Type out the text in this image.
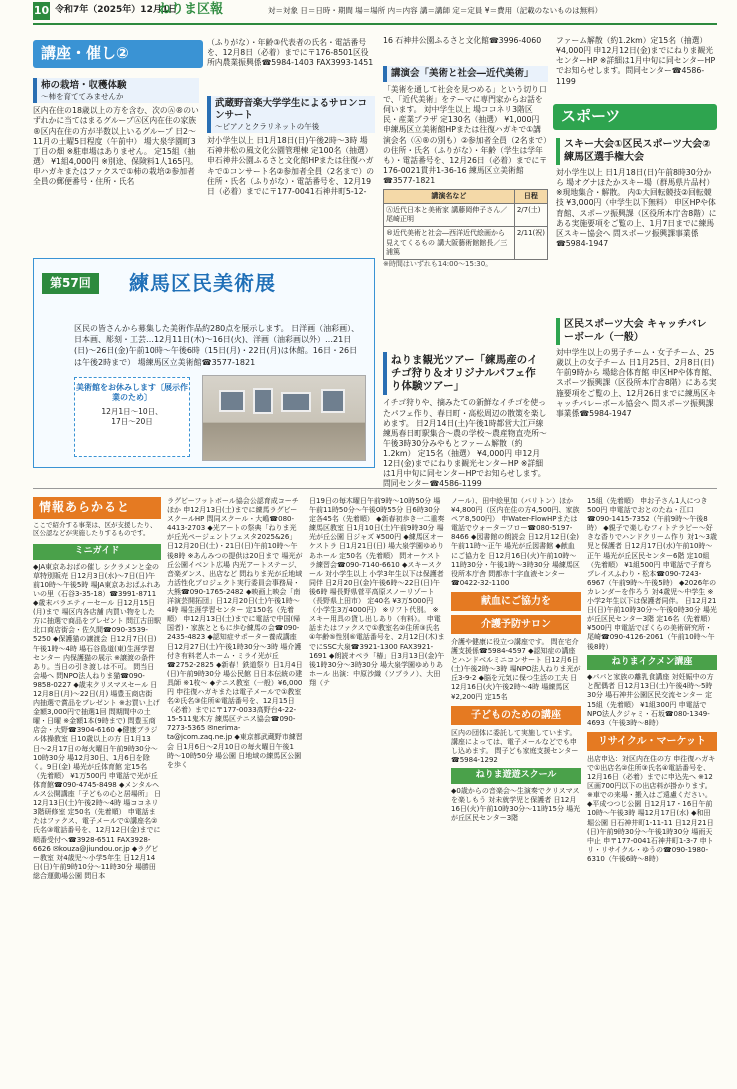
10 令和7年（2025年）12月1日
ねりま区報	対＝対象 日＝日時・期間 場＝場所 内＝内容 講＝講師 定＝定員 ¥＝費用（記載のないものは無料）
講座・催し②
柿の栽培・収穫体験
〜柿を育ててみませんか
区内在住の18歳以上の方を含む、次のⒶ®のいずれかに当てはまるグループⒶ区内在住の家族®区内在住の方が半数以上いるグループ 日2〜11月の土曜5日程度（午前中） 場大泉学園町3丁目の畑 ※駐車場はありません。 定15組（抽選） ¥1組4,000円 ※別途、保険料1人165円。 申ハガキまたはファクスで①柿の栽培②参加者全員の郵便番号・住所・氏名
（ふりがな）・年齢③代表者の氏名・電話番号を、12月8日（必着）までに〒176-8501区役所内農業振興係☎5984-1403 FAX3993-1451
武蔵野音楽大学学生によるサロンコンサート
〜ピアノとクラリネットの午後
対小学生以上 日1月18日(日)午後2時〜3時 場石神井松の風文化公園管理棟 定100名（抽選） 申石神井公園ふるさと文化館HPまたは往復ハガキで①コンサート名②参加者全員（2名まで）の住所・氏名（ふりがな）・電話番号を、12月19日（必着）までに〒177-0041石神井町5-12-
16 石神井公園ふるさと文化館☎3996-4060
講演会「美術と社会―近代美術」
「美術を通して社会を見つめる」という切り口で、「近代美術」をテーマに専門家からお話を伺います。 対中学生以上 場ココネリ3階区民・産業プラザ 定130名（抽選） ¥1,000円 申練馬区立美術館HPまたは往復ハガキで①講演会名（Ⓐ®の別も）②参加者全員（2名まで）の住所・氏名（ふりがな）・年齢（学生は学年も）・電話番号を、12月26日（必着）までに〒176-0021貫井1-36-16 練馬区立美術館☎3577-1821
講演名など	日程
Ⓐ近代日本と美術家 講藤岡伸子さん／尾崎正明	2/7(土)
®近代美術と社会―西洋近代絵画から見えてくるもの 講大阪藝術館館長／三浦篤	2/11(祝)
※時間はいずれも14:00〜15:30。
ねりま観光ツアー「練馬産のイチゴ狩り＆オリジナルパフェ作り体験ツアー」
イチゴ狩りや、摘みたての新鮮なイチゴを使ったパフェ作り、春日町・高松周辺の散策を楽しめます。 日2月14日(土)午後1時都営大江戸線練馬春日町駅集合〜農の学校〜農産物直売所〜午後3時30分みやもとファーム解散（約1.2km） 定15名（抽選） ¥4,000円 申12月12日(金)までにねりま観光センターHP ※詳細は1月中旬に同センターHPでお知らせします。 問同センター☎4586-1199
ファーム解散（約1.2km）定15名（抽選）¥4,000円 申12月12日(金)までにねりま観光センターHP ※詳細は1月中旬に同センターHPでお知らせします。問同センター☎4586-1199
スポーツ
スキー大会①区民スポーツ大会②練馬区選手権大会
対小学生以上 日1月18日(日)午前8時30分から 場オグナほたかスキー場（群馬県片品村） ※現地集合・解散。 内①大回転競技②回転競技 ¥3,000円（中学生以下無料） 申区HPや体育館、スポーツ振興課（区役所本庁舎8階）にある実施要項をご覧の上、1月7日までに練馬区スキー協会へ 問スポーツ振興課事業係☎5984-1947
区民スポーツ大会 キャッチバレーボール（一般）
対中学生以上の男子チーム・女子チーム、25歳以上の女子チーム 日1月25日、2月8日(日)午前9時から 場総合体育館 申区HPや体育館、スポーツ振興課（区役所本庁舎8階）にある実施要項をご覧の上、12月26日までに練馬区キャッチバレーボール協会へ 問スポーツ振興課事業係☎5984-1947
第57回	練馬区民美術展
区民の皆さんから募集した美術作品約280点を展示します。 日洋画（油彩画）、日本画、彫刻・工芸…12月11日(木)〜16日(火)、洋画（油彩画以外）…21日(日)〜26日(金)午前10時〜午後6時（15日(月)・22日(月)は休館。16日・26日は午後2時まで） 場練馬区立美術館☎3577-1821
美術館をお休みします〔展示作業のため〕
12月1日〜10日、
17日〜20日
情報あらかると
ここで紹介する事業は、区が支援したり、区公認などが実施したりするものです。
ミニガイド
◆JA東京あおばの催し シクラメンと金の草特別販売 日12月3日(水)〜7日(日)午前10時〜午後5時 場JA東京あおばふれあいの里（石谷3-35-18）☎3991-8711 ◆歳末バラエティーセール 日12月15日(月)まで 場区内各店舗 内買い物をした方に抽選で商品をプレゼント 問江古田駅北口商店街会・佐久間☎090-3539-5250 ◆保護猫の譲渡会 日12月7日(日)午後1時〜4時 場石谷島道(東)生涯学習センター 内保護猫の展示 ※譲渡の条件あり。当日の引き渡しは不可。 問当日会場へ 問NPO法人ねりま猫☎090-9858-0227 ◆歳末クリスマスセール 日12月8日(月)〜22日(月) 場豊玉商店街 内抽選で賞品をプレゼント ※お買い上げ金額3,000円で抽選1回 問期間中の土曜・日曜 ※金額1本(9時まで) 問豊玉商店会・大野☎3904-6160 ◆健康ブラジル体操教室 日10歳以上の方 日1月13日〜2月17日の毎火曜日午前9時30分〜10時30分 場12月30日、1月6日を除く。9日(金) 場光が丘体育館 定15名（先着順） ¥1万500円 申電話で光が丘体育館☎090-4745-8498 ◆メンタルヘルス公開講座「子どもの心と居場所」 日12月13日(土)午後2時〜4時 場ココネリ3階研修室 定50名（先着順） 申電話またはファクス、電子メールで①講座名②氏名③電話番号を、12月12日(金)までに順番受付へ☎3928-6511 FAX3928-6626 ✉kouza@jiundou.or.jp ◆ラグビー教室 対4歳児〜小学5年生 日12月14日(日)午前9時10分〜11時30分 場勝田総合運動場公園 問日本
ラグビーフットボール協会公認育成コーチほか 申12月13日(土)までに練馬ラグビースクールHP 問同スクール・大嶋☎080-4413-2703 ◆光アートの祭典「ねりま光が丘光ページェントフェスタ2025&26」 日12月20日(土)・21日(日)午前10時〜午後8時 ※あんみつの提供は20日まで 場光が丘公園イベント広場 内光アートステージ、音楽ダンス、出店など 問ねりま光が丘地域力活性化プロジェクト実行委員会事務局・大熊☎090-1765-2482 ◆映画上映会「南洋演芸開拓団」日12月20日(土)午後1時〜4時 場生涯学習センター 定150名（先着順） 申12月13日(土)までに電話で中国(帰国者)・家族とともに歩む練馬の会☎090-2435-4823 ◆認知症サポーター養成講座 日12月27日(土)午後1時30分〜3時 場介護付き有料老人ホーム・ミライ光が丘 ☎2752-2825 ◆新春！鉄道祭り 日1月4日(日)午前9時30分 場公民館 日日本伝統の建具師 ※1枚〜 ◆テニス教室（一般）¥6,000円 申往復ハガキまたは電子メールで①教室名②氏名③住所④電話番号を、12月15日（必着）までに〒177-0033高野台4-22-15-511鬼木方 練馬区テニス協会☎090-7273-5365 ✉nerima-ta@jcom.zaq.ne.jp ◆東京都武蔵野市練習会 日1月6日〜2月10日の毎火曜日午後1時〜10時50分 場公園 日地域の練馬区公園を歩く
日19日の毎木曜日午前9時〜10時50分 場午前11時50分〜午後0時55分 日6時30分 定各45名（先着順） ◆新春初歩き一二重奏練馬区教室 日1月10日(土)午前9時30分 場光が丘公園 日ジャズ ¥500円 ◆練馬区オーケストラ 日1月21日(日) 場大泉学園ゆめりあホール 定50名（先着順） 問オーケストラ練習会☎090-7140-6610 ◆スキースクール 対小学生以上 小学3年生以下は保護者同伴 日2月20日(金)午後6時〜22日(日)午後6時 場長野県菅平高原スノーリゾート（長野県上田市） 定40名 ¥3万5000円（小学生3万4000円） ※リフト代別。 ※スキー用具の貸し出しあり（有料）。 申電話またはファクスで①教室名②住所③氏名④年齢⑤性別⑥電話番号を、2月12日(木)までにSSC大泉☎3921-1300 FAX3921-1691 ◆朗読オペラ「椿」日3月13日(金)午後1時30分〜3時30分 場大泉学園ゆめりあホール 出演：中原沙織（ソプラノ）、大田翔（テ
ノール）、田中絵里加（バリトン）ほか ¥4,800円（区内在住の方4,500円、家族ペア8,500円） 申Water-FlowHPまたは電話でウォーターフロー☎080-5197-8466 ◆図書館の朗読会 日12月12日(金)午前11時〜正午 場光が丘図書館 ◆献血にご協力を 日12月16日(火)午前10時〜11時30分・午後1時〜3時30分 場練馬区役所本庁舎 問都赤十字血液センター☎0422-32-1100
献血にご協力を
介護予防サロン
介護や健康に役立つ講座です。 問在宅介護支援係☎5984-4597 ◆認知症の講座とハンドベルミニコンサート 日12月6日(土)午後2時〜3時 場NPO法人ねりま光が丘3-9-2 ◆脳を元気に保つ生活の工夫 日12月16日(火)午後2時〜4時 場練馬区 ¥2,200円 定15名
子どものための講座
区内の団体に委託して実施しています。講座によっては、電子メールなどでも申し込めます。 問子ども家庭支援センター☎5984-1292
ねりま遊遊スクール
◆0歳からの音楽会〜生演奏でクリスマスを楽しもう 対未就学児と保護者 日12月16日(火)午前10時30分〜11時15分 場光が丘区民センター3階
15組（先着順） 申お子さん1人につき500円 申電話でおとのたね・江口☎090-1415-7352（午前9時〜午後8時） ◆親子で楽しむフィトテラピー〜好きな香りでハンドクリーム作り 対1〜3歳児と保護者 日12月17日(水)午前10時〜正午 場光が丘区民センター6階 定10組（先着順） ¥1組500円 申電話で子育ちプレイスふわり・松本☎090-7243-6967（午前9時〜午後5時） ◆2026年のカレンダーを作ろう 対4歳児〜中学生 ※小学2年生以下は保護者同伴。 日12月21日(日)午前10時30分〜午後0時30分 場光が丘区民センター3階 定16名（先着順） ¥500円 申電話でぽくらの美術研究所・尾崎☎090-4126-2061（午前10時〜午後8時）
ねりまイクメン講座
◆パパと家族の離乳食講座 対妊娠中の方と配偶者 日12月13日(土)午後4時〜5時30分 場石神井公園区民交流センター 定15組（先着順） ¥1組300円 申電話でNPO法人クジャミ・石坂☎080-1349-4693（午後3時〜8時）
リサイクル・マーケット
出店申込：対区内在住の方 申往復ハガキで①出店名②住所③氏名④電話番号を、12月16日（必着）までに申込先へ ※12区画700円以下の出店料が掛かります。 ※車での来場・搬入はご遠慮ください。 ◆平成つつじ公園 日12月17・16日午前10時〜午後3時 場12月17日(水) ◆和田堀公園 日石神井町1-11-11 日12月21日(日)午前9時30分〜午後1時30分 場雨天中止 申〒177-0041石神井町1-3-7 申トリ・リサイクル・ゆうの☎090-1980-6310（午後6時〜8時）
